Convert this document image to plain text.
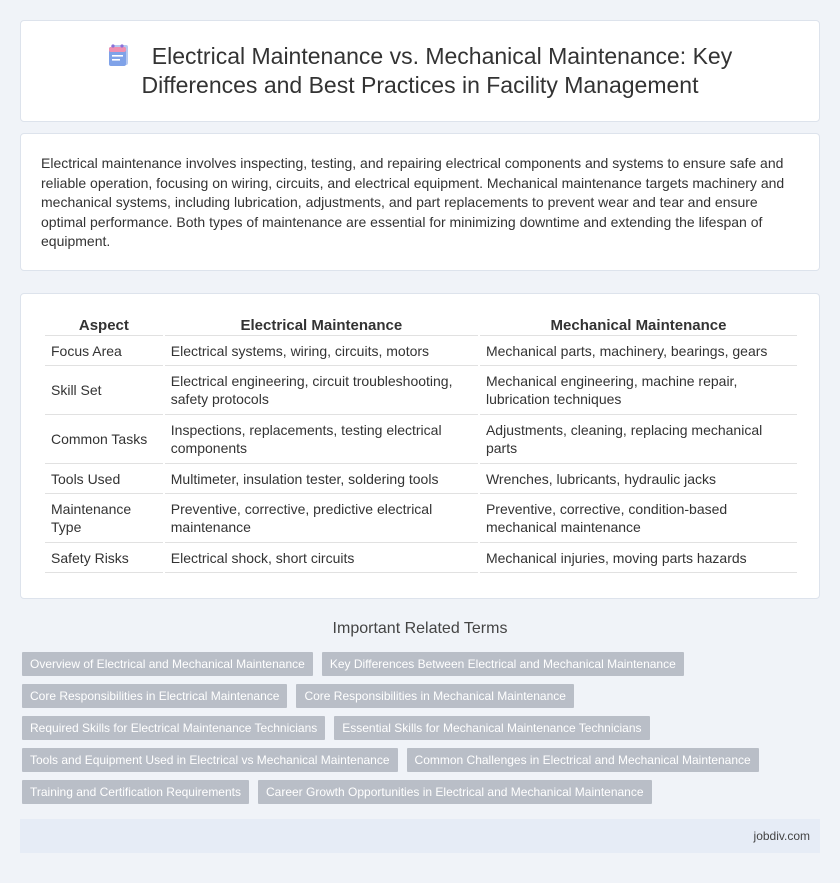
Electrical Maintenance vs. Mechanical Maintenance: Key Differences and Best Practices in Facility Management

Electrical maintenance involves inspecting, testing, and repairing electrical components and systems to ensure safe and reliable operation, focusing on wiring, circuits, and electrical equipment. Mechanical maintenance targets machinery and mechanical systems, including lubrication, adjustments, and part replacements to prevent wear and tear and ensure optimal performance. Both types of maintenance are essential for minimizing downtime and extending the lifespan of equipment.

Aspect	Electrical Maintenance	Mechanical Maintenance
Focus Area	Electrical systems, wiring, circuits, motors	Mechanical parts, machinery, bearings, gears
Skill Set	Electrical engineering, circuit troubleshooting, safety protocols	Mechanical engineering, machine repair, lubrication techniques
Common Tasks	Inspections, replacements, testing electrical components	Adjustments, cleaning, replacing mechanical parts
Tools Used	Multimeter, insulation tester, soldering tools	Wrenches, lubricants, hydraulic jacks
Maintenance Type	Preventive, corrective, predictive electrical maintenance	Preventive, corrective, condition-based mechanical maintenance
Safety Risks	Electrical shock, short circuits	Mechanical injuries, moving parts hazards
Important Related Terms
Overview of Electrical and Mechanical Maintenance	Key Differences Between Electrical and Mechanical Maintenance
Core Responsibilities in Electrical Maintenance	Core Responsibilities in Mechanical Maintenance
Required Skills for Electrical Maintenance Technicians	Essential Skills for Mechanical Maintenance Technicians
Tools and Equipment Used in Electrical vs Mechanical Maintenance	Common Challenges in Electrical and Mechanical Maintenance
Training and Certification Requirements	Career Growth Opportunities in Electrical and Mechanical Maintenance
jobdiv.com
